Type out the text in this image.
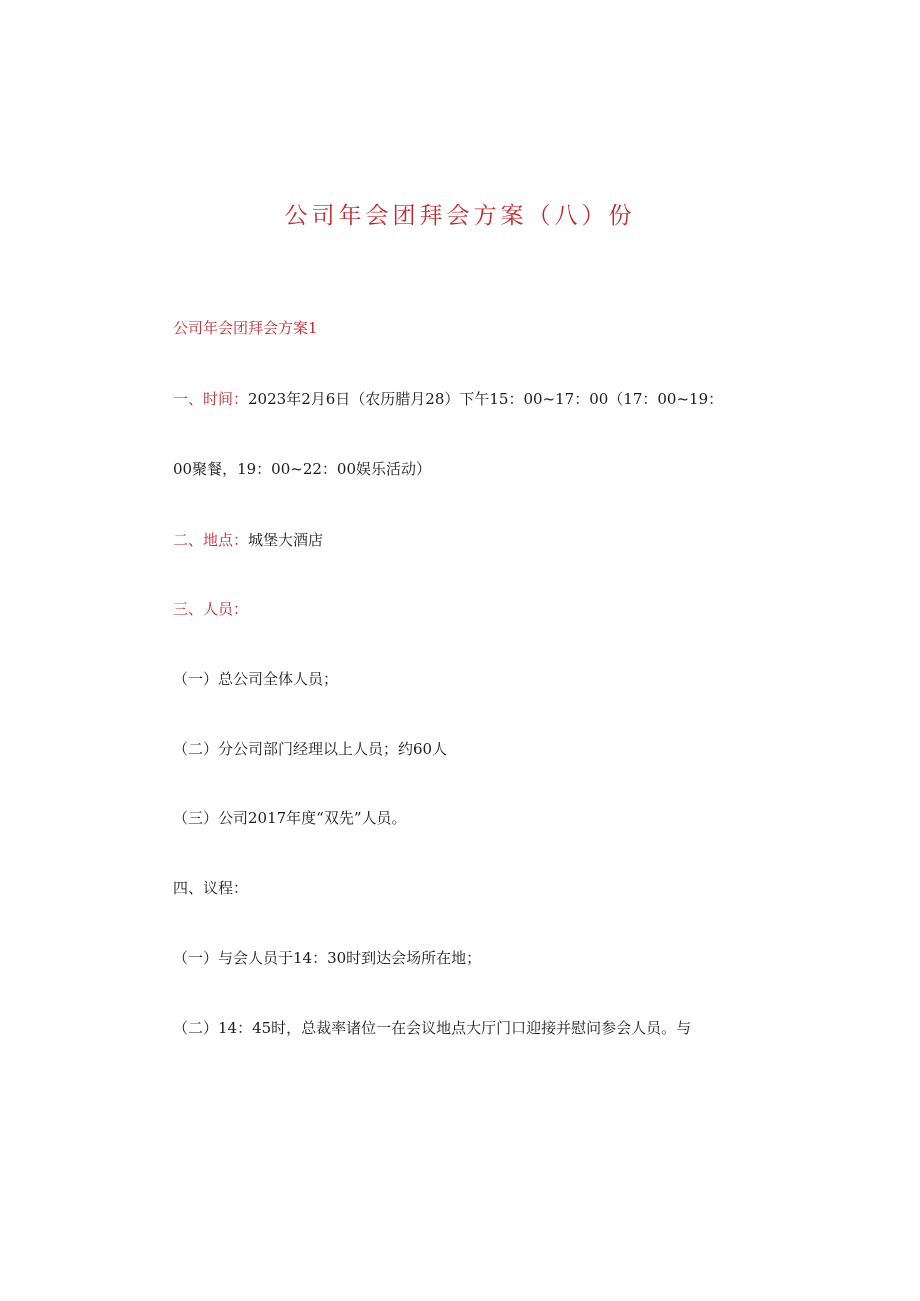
公司年会团拜会方案（八）份
公司年会团拜会方案1
一、时间：2023年2月6日（农历腊月28）下午15：00~17：00（17：00~19：
00聚餐，19：00~22：00娱乐活动）
二、地点：城堡大酒店
三、人员：
（一）总公司全体人员；
（二）分公司部门经理以上人员；约60人
（三）公司2017年度“双先”人员。
四、议程：
（一）与会人员于14：30时到达会场所在地；
（二）14：45时，总裁率诸位一在会议地点大厅门口迎接并慰问参会人员。与
